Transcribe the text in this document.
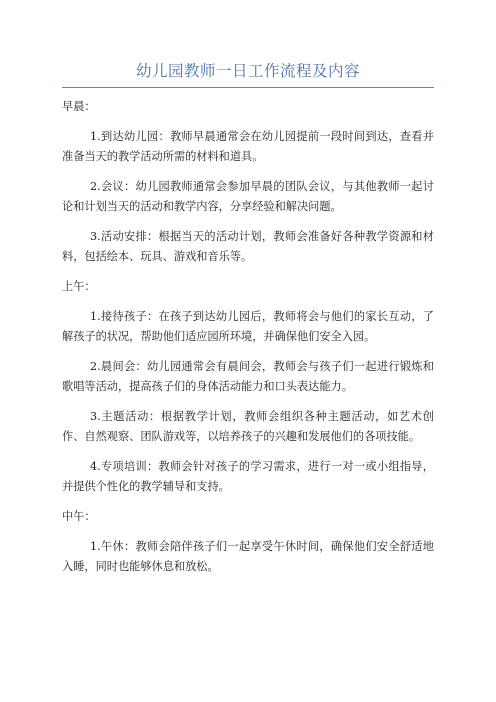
幼儿园教师一日工作流程及内容

早晨：

1.到达幼儿园：教师早晨通常会在幼儿园提前一段时间到达，查看并准备当天的教学活动所需的材料和道具。

2.会议：幼儿园教师通常会参加早晨的团队会议，与其他教师一起讨论和计划当天的活动和教学内容，分享经验和解决问题。

3.活动安排：根据当天的活动计划，教师会准备好各种教学资源和材料，包括绘本、玩具、游戏和音乐等。

上午：

1.接待孩子：在孩子到达幼儿园后，教师将会与他们的家长互动，了解孩子的状况，帮助他们适应园所环境，并确保他们安全入园。

2.晨间会：幼儿园通常会有晨间会，教师会与孩子们一起进行锻炼和歌唱等活动，提高孩子们的身体活动能力和口头表达能力。

3.主题活动：根据教学计划，教师会组织各种主题活动，如艺术创作、自然观察、团队游戏等，以培养孩子的兴趣和发展他们的各项技能。

4.专项培训：教师会针对孩子的学习需求，进行一对一或小组指导，并提供个性化的教学辅导和支持。

中午：

1.午休：教师会陪伴孩子们一起享受午休时间，确保他们安全舒适地入睡，同时也能够休息和放松。
